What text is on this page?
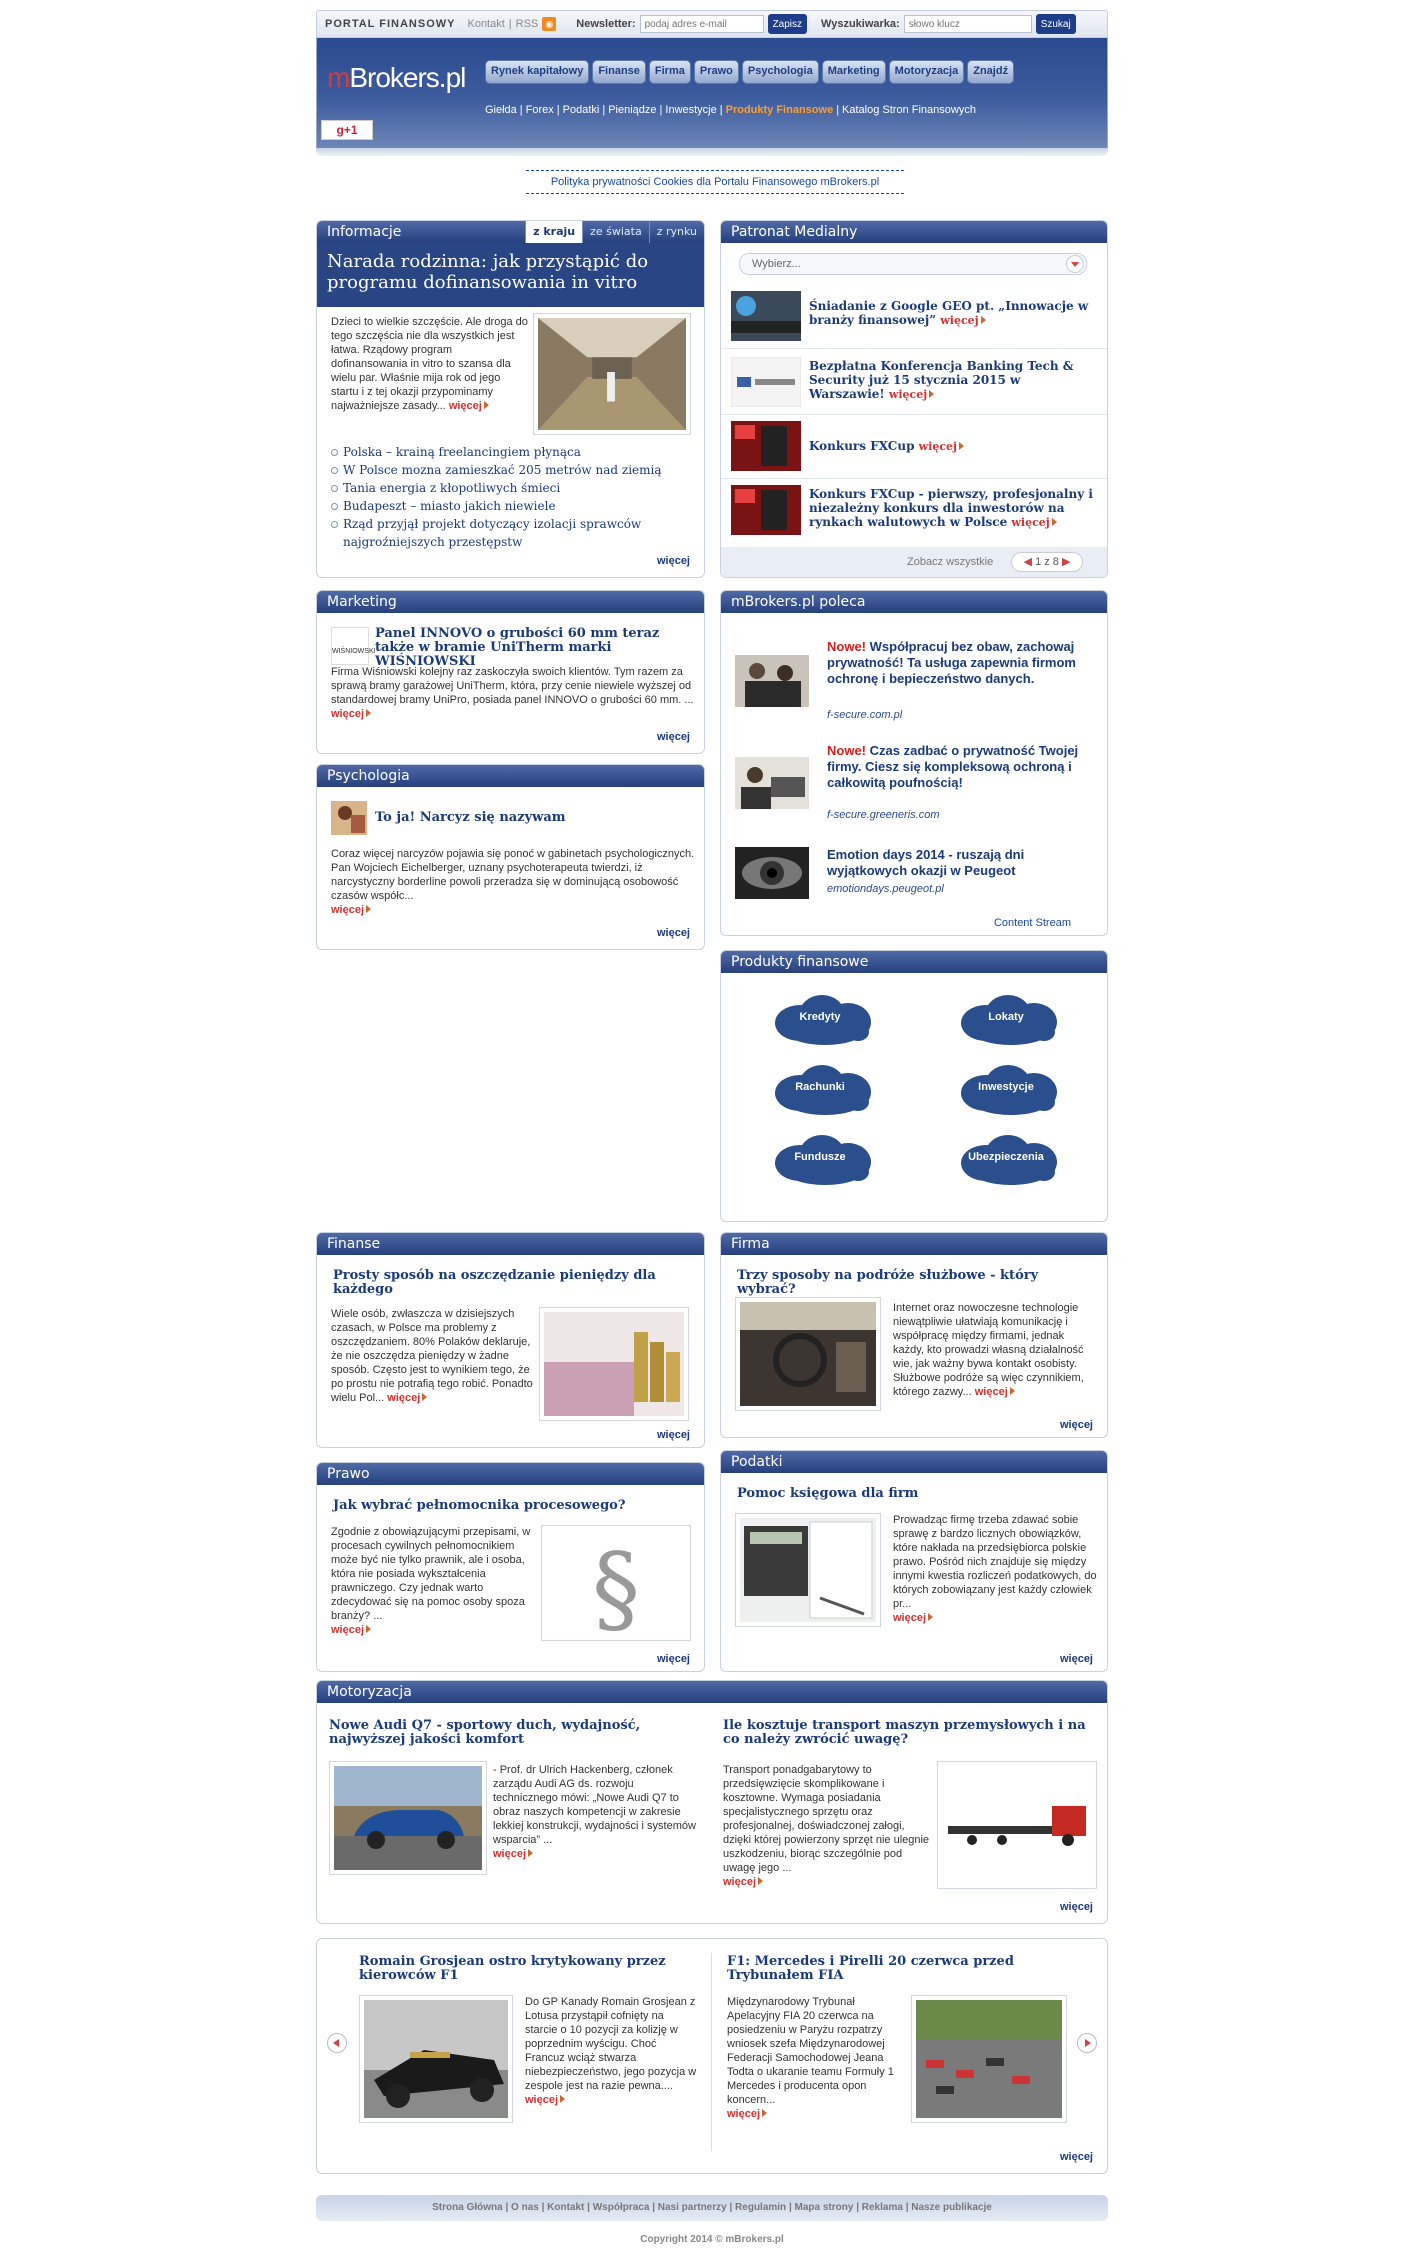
PORTAL FINANSOWY Kontakt | RSS ◉ Newsletter:
podaj adres e-mail	Zapisz	Wyszukiwarka:
słowo klucz	Szukaj
mBrokers.pl	Rynek kapitałowy	Finanse	Firma	Prawo	Psychologia	Marketing	Motoryzacja	Znajdź
Giełda | Forex | Podatki | Pieniądze | Inwestycje | Produkty Finansowe | Katalog Stron Finansowych
g+1
Polityka prywatności Cookies dla Portalu Finansowego mBrokers.pl
Informacje	z kraju	ze świata	z rynku
Narada rodzinna: jak przystąpić do programu dofinansowania in vitro
Dzieci to wielkie szczęście. Ale droga do tego szczęścia nie dla wszystkich jest łatwa. Rządowy program dofinansowania in vitro to szansa dla wielu par. Właśnie mija rok od jego startu i z tej okazji przypominamy najważniejsze zasady... więcej
Polska – krainą freelancingiem płynąca
W Polsce mozna zamieszkać 205 metrów nad ziemią
Tania energia z kłopotliwych śmieci
Budapeszt – miasto jakich niewiele
Rząd przyjął projekt dotyczący izolacji sprawców najgroźniejszych przestępstw
więcej
Patronat Medialny
Wybierz...
Śniadanie z Google GEO pt. „Innowacje w branży finansowej” więcej
Bezpłatna Konferencja Banking Tech & Security już 15 stycznia 2015 w Warszawie! więcej
Konkurs FXCup więcej
Konkurs FXCup - pierwszy, profesjonalny i niezależny konkurs dla inwestorów na rynkach walutowych w Polsce więcej
Zobacz wszystkie	◀ 1 z 8 ▶
Marketing
WIŚNIOWSKI
Panel INNOVO o grubości 60 mm teraz także w bramie UniTherm marki WIŚNIOWSKI
Firma Wiśniowski kolejny raz zaskoczyła swoich klientów. Tym razem za sprawą bramy garażowej UniTherm, która, przy cenie niewiele wyższej od standardowej bramy UniPro, posiada panel INNOVO o grubości 60 mm. ... więcej
więcej
Psychologia
To ja! Narcyz się nazywam
Coraz więcej narcyzów pojawia się ponoć w gabinetach psychologicznych. Pan Wojciech Eichelberger, uznany psychoterapeuta twierdzi, iż narcystyczny borderline powoli przeradza się w dominującą osobowość czasów współc...
więcej
więcej
mBrokers.pl poleca
Nowe! Współpracuj bez obaw, zachowaj prywatność! Ta usługa zapewnia firmom ochronę i bepieczeństwo danych.
f-secure.com.pl
Nowe! Czas zadbać o prywatność Twojej firmy. Ciesz się kompleksową ochroną i całkowitą poufnością!
f-secure.greeneris.com
Emotion days 2014 - ruszają dni wyjątkowych okazji w Peugeot
emotiondays.peugeot.pl
Content Stream
Produkty finansowe
Kredyty	Lokaty
Rachunki	Inwestycje
Fundusze	Ubezpieczenia
Finanse
Prosty sposób na oszczędzanie pieniędzy dla każdego
Wiele osób, zwłaszcza w dzisiejszych czasach, w Polsce ma problemy z oszczędzaniem. 80% Polaków deklaruje, że nie oszczędza pieniędzy w żadne sposób. Często jest to wynikiem tego, że po prostu nie potrafią tego robić. Ponadto wielu Pol... więcej
więcej
Firma
Trzy sposoby na podróże służbowe - który wybrać?
Internet oraz nowoczesne technologie niewątpliwie ułatwiają komunikację i współpracę między firmami, jednak każdy, kto prowadzi własną działalność wie, jak ważny bywa kontakt osobisty. Służbowe podróże są więc czynnikiem, którego zazwy... więcej
więcej
Prawo
Jak wybrać pełnomocnika procesowego?
Zgodnie z obowiązującymi przepisami, w procesach cywilnych pełnomocnikiem może być nie tylko prawnik, ale i osoba, która nie posiada wykształcenia prawniczego. Czy jednak warto zdecydować się na pomoc osoby spoza branży? ...
więcej	§
więcej
Podatki
Pomoc księgowa dla firm
Prowadząc firmę trzeba zdawać sobie sprawę z bardzo licznych obowiązków, które nakłada na przedsiębiorca polskie prawo. Pośród nich znajduje się między innymi kwestia rozliczeń podatkowych, do których zobowiązany jest każdy człowiek pr...
więcej
więcej
Motoryzacja
Nowe Audi Q7 - sportowy duch, wydajność, najwyższej jakości komfort
- Prof. dr Ulrich Hackenberg, członek zarządu Audi AG ds. rozwoju technicznego mówi: „Nowe Audi Q7 to obraz naszych kompetencji w zakresie lekkiej konstrukcji, wydajności i systemów wsparcia” ...
więcej
Ile kosztuje transport maszyn przemysłowych i na co należy zwrócić uwagę?
Transport ponadgabarytowy to przedsięwzięcie skomplikowane i kosztowne. Wymaga posiadania specjalistycznego sprzętu oraz profesjonalnej, doświadczonej załogi, dzięki której powierzony sprzęt nie ulegnie uszkodzeniu, biorąc szczególnie pod uwagę jego ...
więcej
więcej
Romain Grosjean ostro krytykowany przez kierowców F1
Do GP Kanady Romain Grosjean z Lotusa przystąpił cofnięty na starcie o 10 pozycji za kolizję w poprzednim wyścigu. Choć Francuz wciąż stwarza niebezpieczeństwo, jego pozycja w zespole jest na razie pewna.... więcej
F1: Mercedes i Pirelli 20 czerwca przed Trybunałem FIA
Międzynarodowy Trybunał Apelacyjny FIA 20 czerwca na posiedzeniu w Paryżu rozpatrzy wniosek szefa Międzynarodowej Federacji Samochodowej Jeana Todta o ukaranie teamu Formuły 1 Mercedes i producenta opon koncern...
więcej
więcej
Strona Główna | O nas | Kontakt | Współpraca | Nasi partnerzy | Regulamin | Mapa strony | Reklama | Nasze publikacje
Copyright 2014 © mBrokers.pl
